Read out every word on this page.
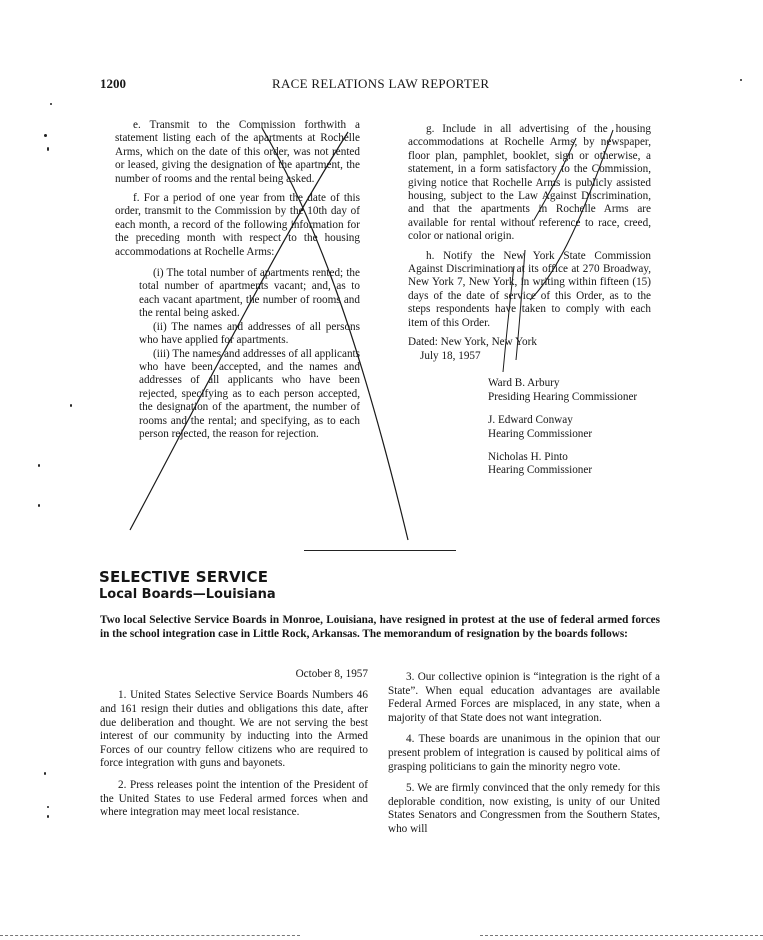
1200	RACE RELATIONS LAW REPORTER

e. Transmit to the Commission forthwith a statement listing each of the apartments at Rochelle Arms, which on the date of this order, was not rented or leased, giving the designation of the apartment, the number of rooms and the rental being asked.

f. For a period of one year from the date of this order, transmit to the Commission by the 10th day of each month, a record of the following information for the preceding month with respect to the housing accommodations at Rochelle Arms:

(i) The total number of apartments rented; the total number of apartments vacant; and, as to each vacant apartment, the number of rooms and the rental being asked.

(ii) The names and addresses of all persons who have applied for apartments.

(iii) The names and addresses of all applicants who have been accepted, and the names and addresses of all applicants who have been rejected, specifying as to each person accepted, the designation of the apartment, the number of rooms and the rental; and specifying, as to each person rejected, the reason for rejection.

g. Include in all advertising of the housing accommodations at Rochelle Arms, by newspaper, floor plan, pamphlet, booklet, sign or otherwise, a statement, in a form satisfactory to the Commission, giving notice that Rochelle Arms is publicly assisted housing, subject to the Law Against Discrimination, and that the apartments in Rochelle Arms are available for rental without reference to race, creed, color or national origin.

h. Notify the New York State Commission Against Discrimination at its office at 270 Broadway, New York 7, New York, in writing within fifteen (15) days of the date of service of this Order, as to the steps respondents have taken to comply with each item of this Order.

Dated: New York, New York
July 18, 1957
Ward B. Arbury
Presiding Hearing Commissioner
J. Edward Conway
Hearing Commissioner
Nicholas H. Pinto
Hearing Commissioner
SELECTIVE SERVICE
Local Boards—Louisiana
Two local Selective Service Boards in Monroe, Louisiana, have resigned in protest at the use of federal armed forces in the school integration case in Little Rock, Arkansas. The memorandum of resignation by the boards follows:
October 8, 1957

1. United States Selective Service Boards Numbers 46 and 161 resign their duties and obligations this date, after due deliberation and thought. We are not serving the best interest of our community by inducting into the Armed Forces of our country fellow citizens who are required to force integration with guns and bayonets.

2. Press releases point the intention of the President of the United States to use Federal armed forces when and where integration may meet local resistance.

3. Our collective opinion is “integration is the right of a State”. When equal education advantages are available Federal Armed Forces are misplaced, in any state, when a majority of that State does not want integration.

4. These boards are unanimous in the opinion that our present problem of integration is caused by political aims of grasping politicians to gain the minority negro vote.

5. We are firmly convinced that the only remedy for this deplorable condition, now existing, is unity of our United States Senators and Congressmen from the Southern States, who will
